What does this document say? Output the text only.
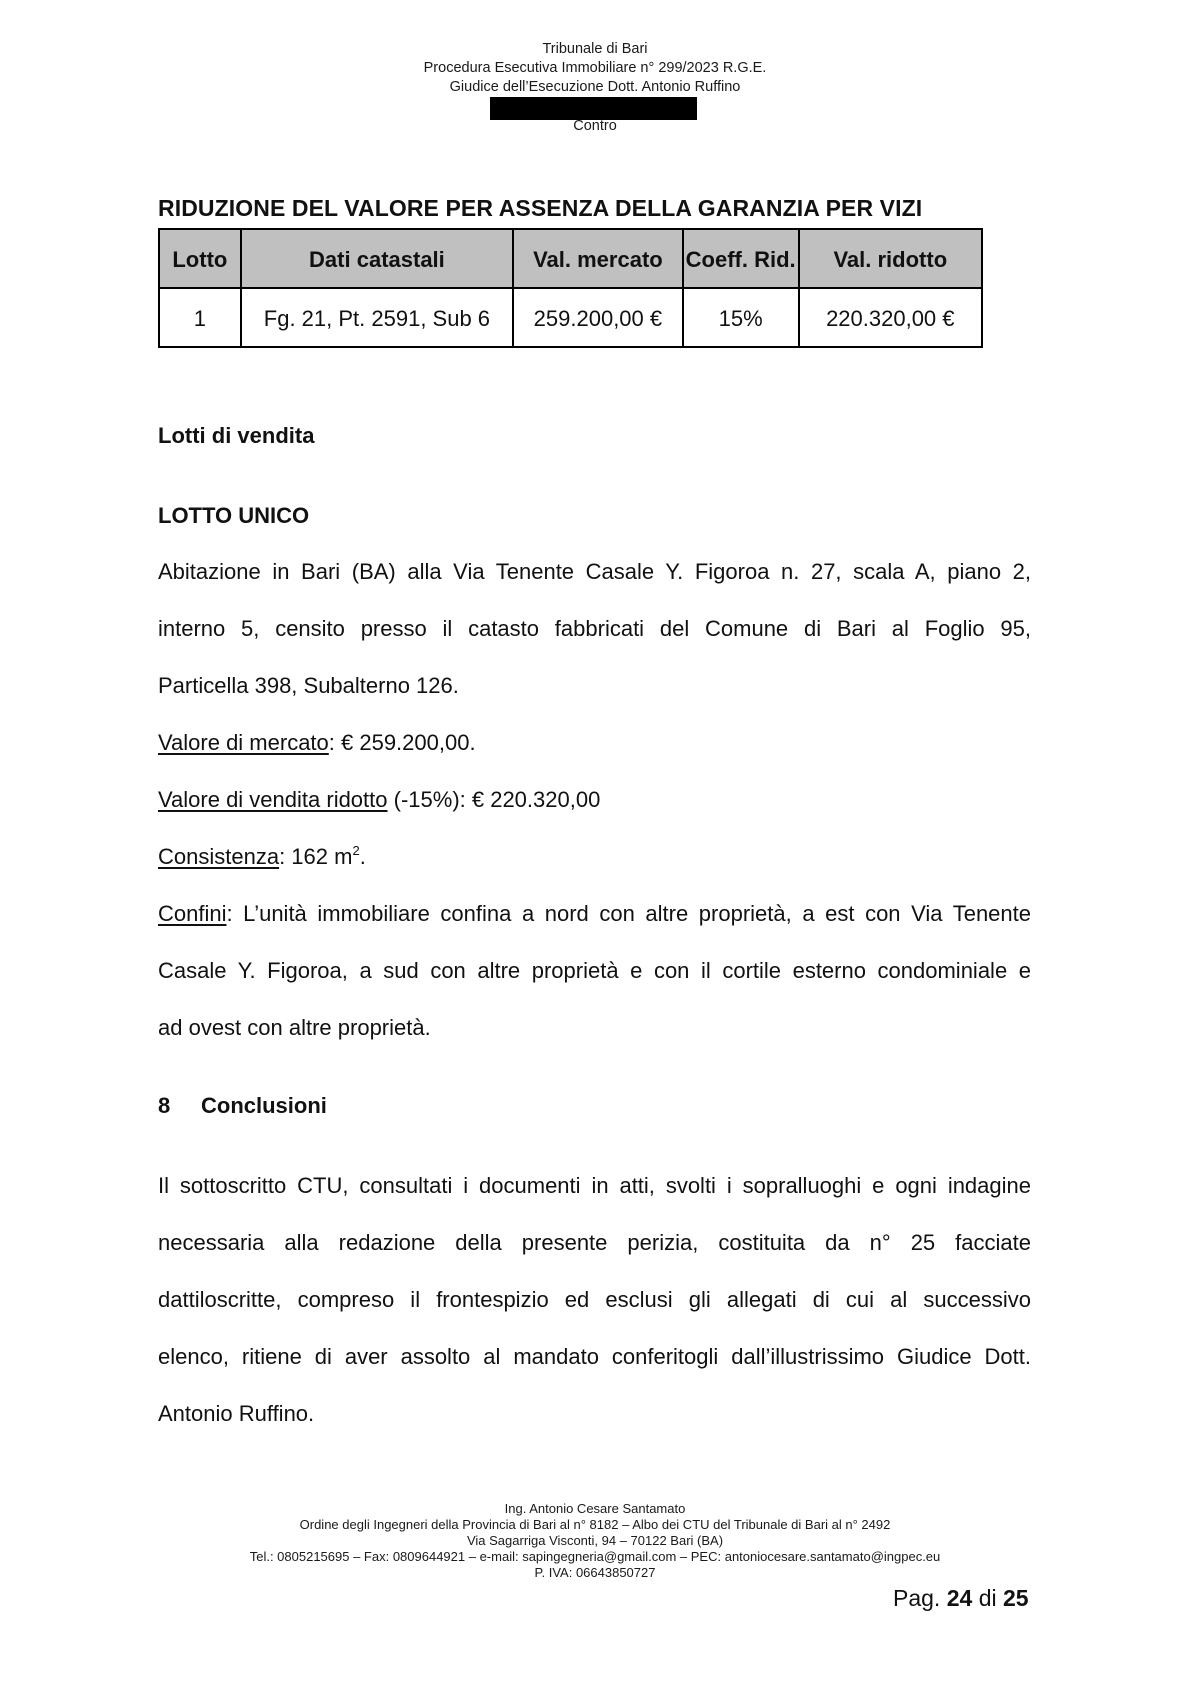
Tribunale di Bari
Procedura Esecutiva Immobiliare n° 299/2023 R.G.E.
Giudice dell’Esecuzione Dott. Antonio Ruffino
Contro
RIDUZIONE DEL VALORE PER ASSENZA DELLA GARANZIA PER VIZI
Lotto	Dati catastali	Val. mercato	Coeff. Rid.	Val. ridotto
1	Fg. 21, Pt. 2591, Sub 6	259.200,00 €	15%	220.320,00 €
Lotti di vendita
LOTTO UNICO
Abitazione in Bari (BA) alla Via Tenente Casale Y. Figoroa n. 27, scala A, piano 2,
interno 5, censito presso il catasto fabbricati del Comune di Bari al Foglio 95,
Particella 398, Subalterno 126.
Valore di mercato: € 259.200,00.
Valore di vendita ridotto (-15%): € 220.320,00
Consistenza: 162 $m^2$.
Confini: L’unità immobiliare confina a nord con altre proprietà, a est con Via Tenente
Casale Y. Figoroa, a sud con altre proprietà e con il cortile esterno condominiale e
ad ovest con altre proprietà.
8 Conclusioni
Il sottoscritto CTU, consultati i documenti in atti, svolti i sopralluoghi e ogni indagine
necessaria alla redazione della presente perizia, costituita da n° 25 facciate
dattiloscritte, compreso il frontespizio ed esclusi gli allegati di cui al successivo
elenco, ritiene di aver assolto al mandato conferitogli dall’illustrissimo Giudice Dott.
Antonio Ruffino.
Ing. Antonio Cesare Santamato
Ordine degli Ingegneri della Provincia di Bari al n° 8182 – Albo dei CTU del Tribunale di Bari al n° 2492
Via Sagarriga Visconti, 94 – 70122 Bari (BA)
Tel.: 0805215695 – Fax: 0809644921 – e-mail: sapingegneria@gmail.com – PEC: antoniocesare.santamato@ingpec.eu
P. IVA: 06643850727
Pag. 24 di 25
